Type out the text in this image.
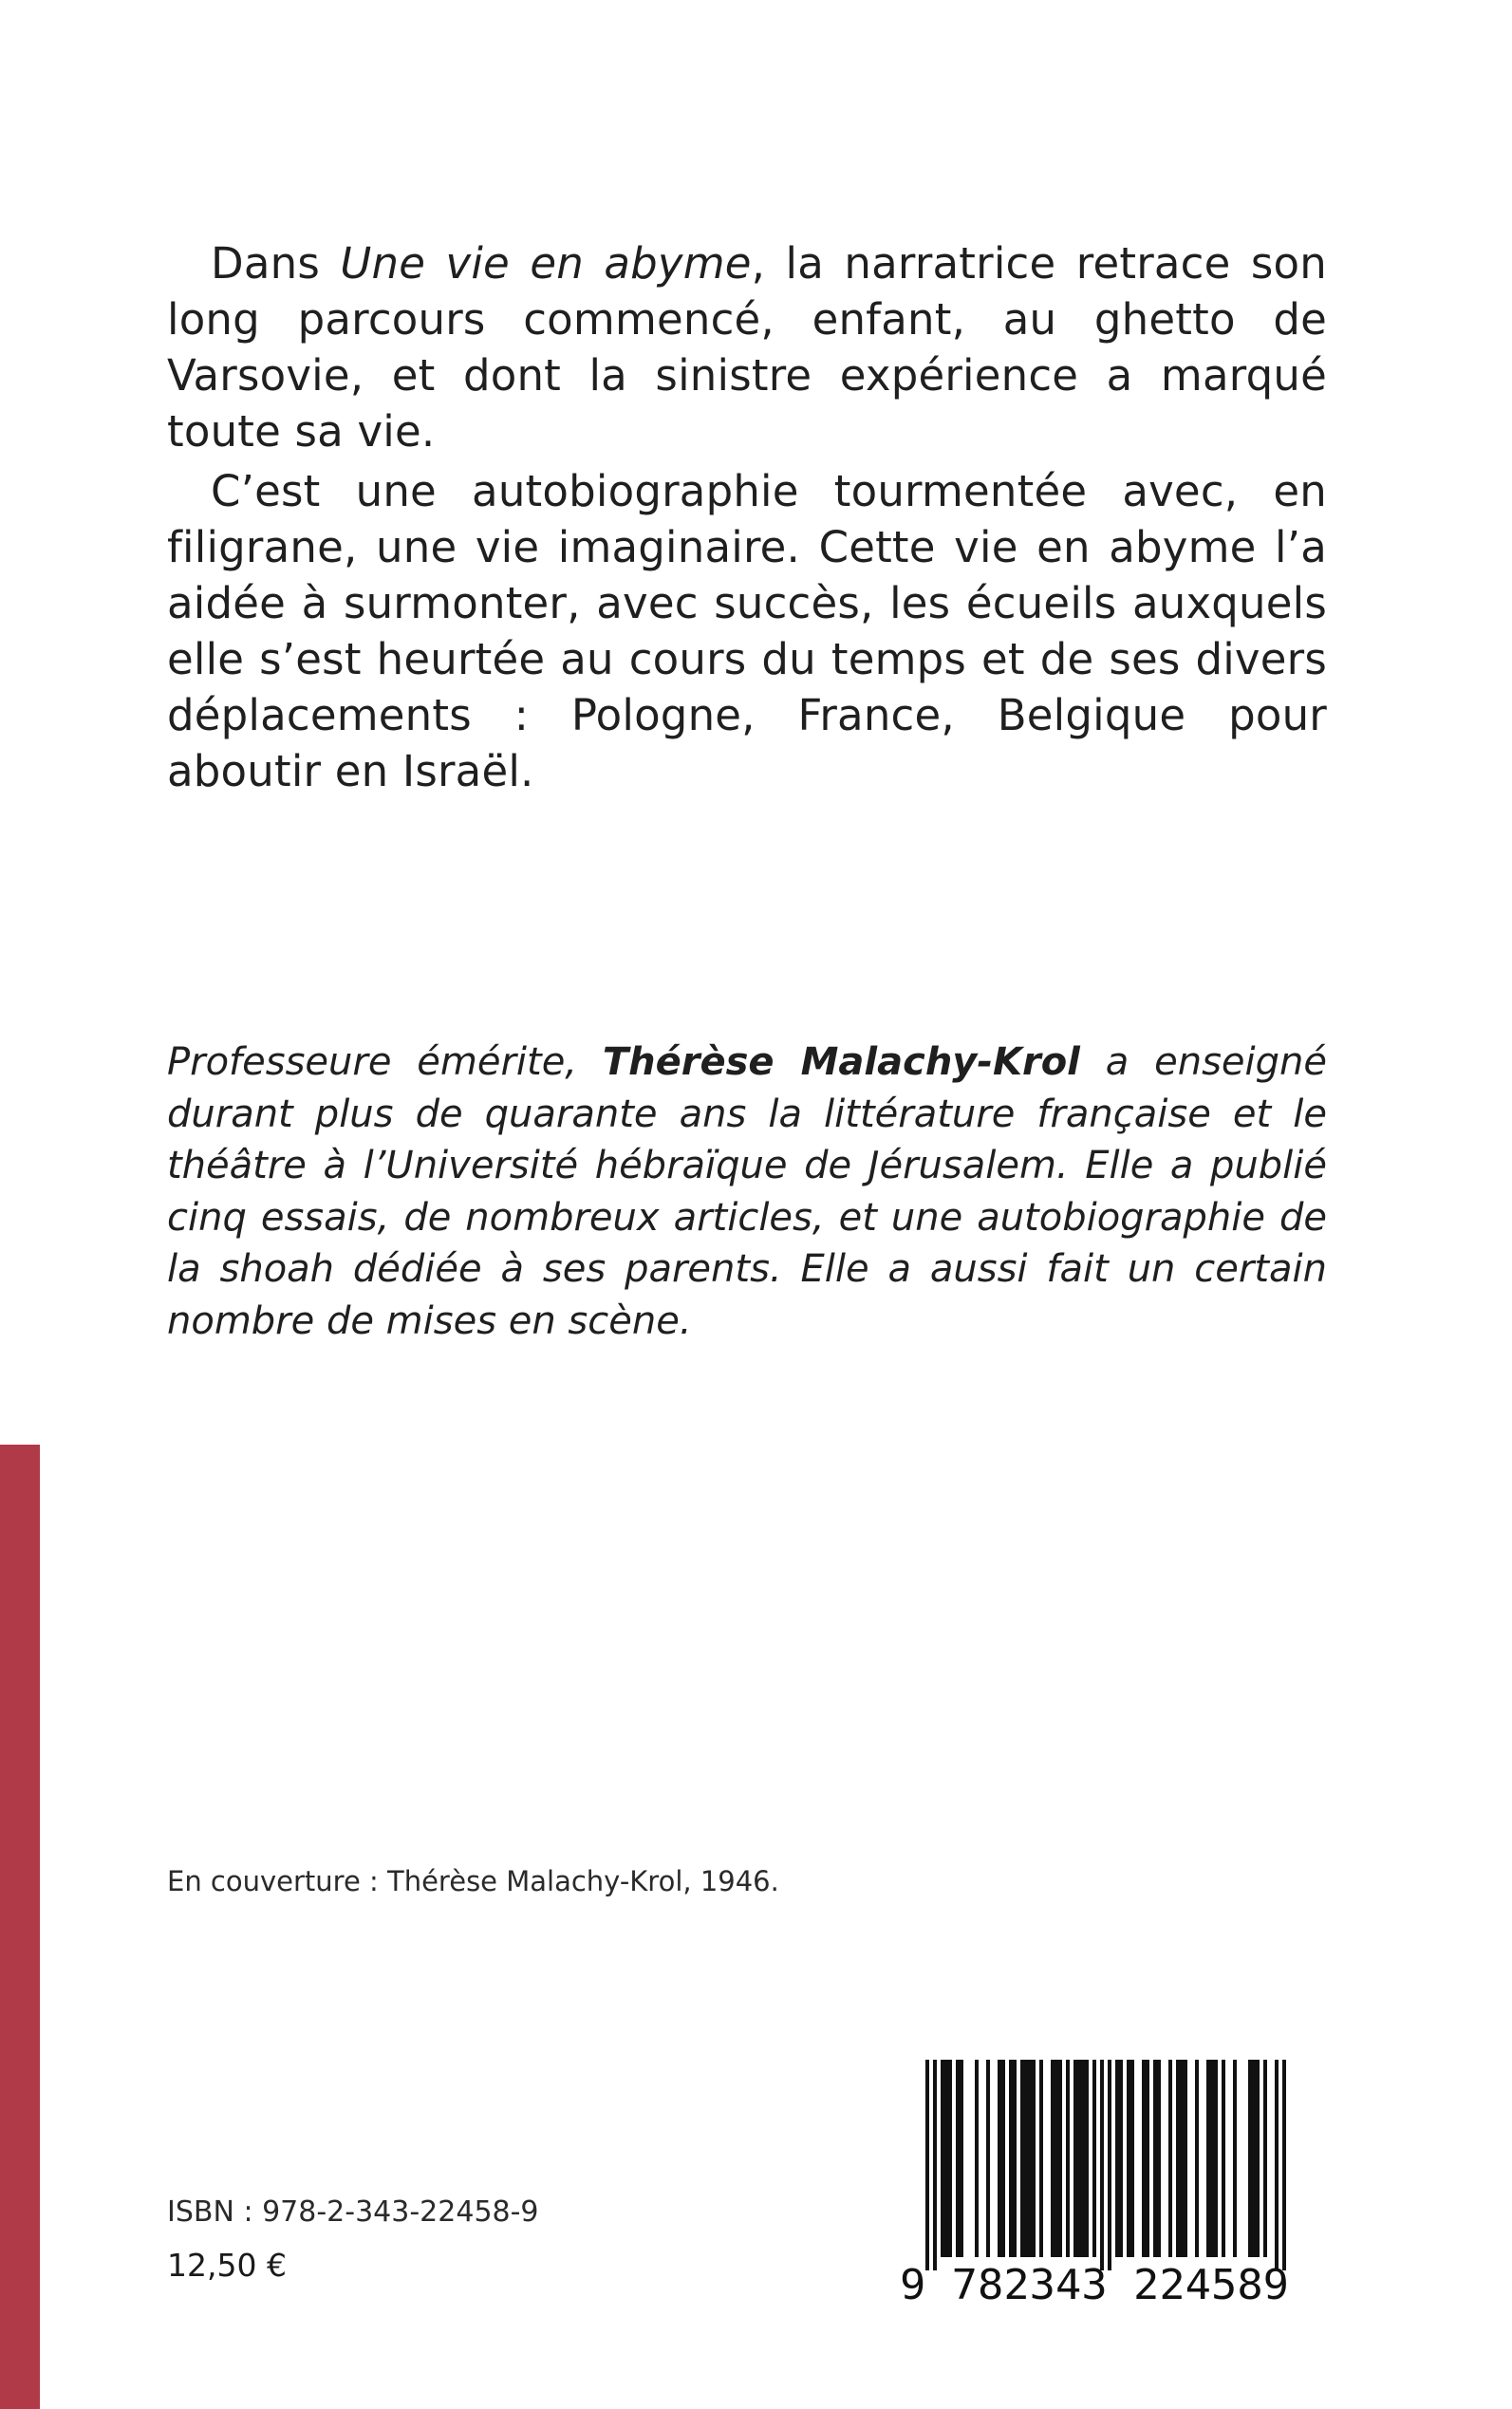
Dans Une vie en abyme, la narratrice retrace son long parcours commencé, enfant, au ghetto de Varsovie, et dont la sinistre expérience a marqué toute sa vie.

C’est une autobiographie tourmentée avec, en filigrane, une vie imaginaire. Cette vie en abyme l’a aidée à surmonter, avec succès, les écueils auxquels elle s’est heurtée au cours du temps et de ses divers déplacements : Pologne, France, Belgique pour aboutir en Israël.

Professeure émérite, Thérèse Malachy-Krol a enseigné durant plus de quarante ans la littérature française et le théâtre à l’Université hébraïque de Jérusalem. Elle a publié cinq essais, de nombreux articles, et une autobiographie de la shoah dédiée à ses parents. Elle a aussi fait un certain nombre de mises en scène.

En couverture : Thérèse Malachy-Krol, 1946.

ISBN : 978-2-343-22458-9

12,50 €	9 782343 224589
